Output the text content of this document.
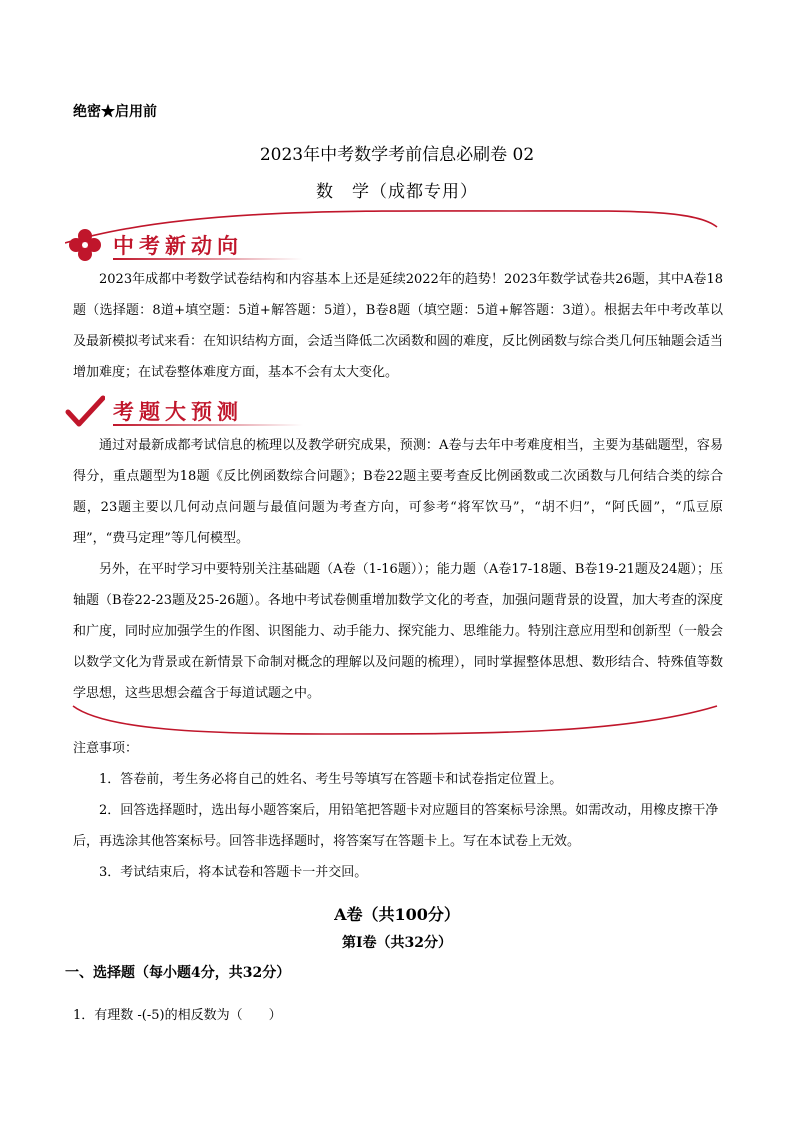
绝密★启用前
2023年中考数学考前信息必刷卷 02
数　学（成都专用）
中考新动向

2023年成都中考数学试卷结构和内容基本上还是延续2022年的趋势！2023年数学试卷共26题，其中A卷18题（选择题：8道+填空题：5道+解答题：5道），B卷8题（填空题：5道+解答题：3道）。根据去年中考改革以及最新模拟考试来看：在知识结构方面，会适当降低二次函数和圆的难度，反比例函数与综合类几何压轴题会适当增加难度；在试卷整体难度方面，基本不会有太大变化。

考题大预测

通过对最新成都考试信息的梳理以及教学研究成果，预测：A卷与去年中考难度相当，主要为基础题型，容易得分，重点题型为18题《反比例函数综合问题》；B卷22题主要考查反比例函数或二次函数与几何结合类的综合题，23题主要以几何动点问题与最值问题为考查方向，可参考“将军饮马”，“胡不归”，“阿氏圆”，“瓜豆原理”，“费马定理”等几何模型。

另外，在平时学习中要特别关注基础题（A卷（1-16题））；能力题（A卷17-18题、B卷19-21题及24题）；压轴题（B卷22-23题及25-26题）。各地中考试卷侧重增加数学文化的考查，加强问题背景的设置，加大考查的深度和广度，同时应加强学生的作图、识图能力、动手能力、探究能力、思维能力。特别注意应用型和创新型（一般会以数学文化为背景或在新情景下命制对概念的理解以及问题的梳理），同时掌握整体思想、数形结合、特殊值等数学思想，这些思想会蕴含于每道试题之中。

注意事项：

1．答卷前，考生务必将自己的姓名、考生号等填写在答题卡和试卷指定位置上。

2．回答选择题时，选出每小题答案后，用铅笔把答题卡对应题目的答案标号涂黑。如需改动，用橡皮擦干净后，再选涂其他答案标号。回答非选择题时，将答案写在答题卡上。写在本试卷上无效。

3．考试结束后，将本试卷和答题卡一并交回。

A卷（共100分）
第I卷（共32分）
一、选择题（每小题4分，共32分）
1．有理数 -(-5)的相反数为（　　）
